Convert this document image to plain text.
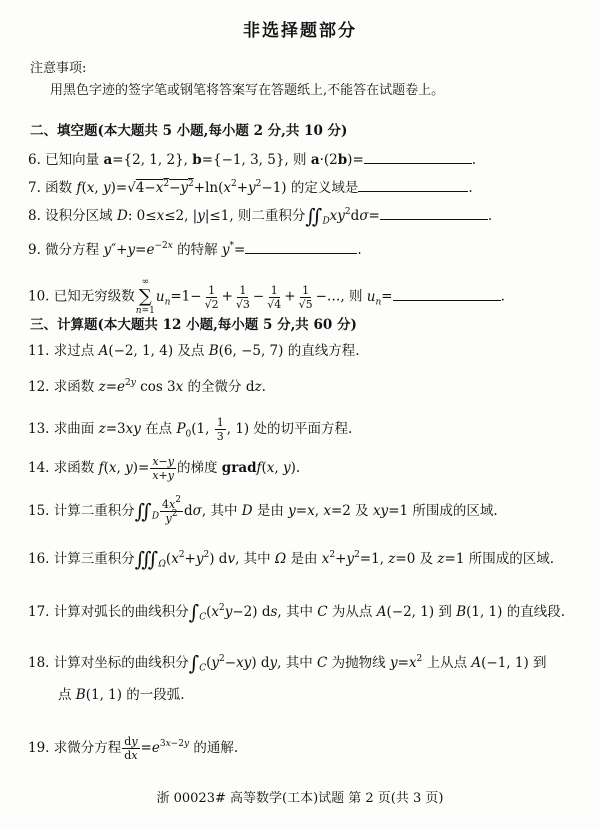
非选择题部分
注意事项:
用黑色字迹的签字笔或钢笔将答案写在答题纸上,不能答在试题卷上。
二、填空题(本大题共 5 小题,每小题 2 分,共 10 分)
6. 已知向量 a={2, 1, 2}, b={−1, 3, 5}, 则 a·(2b)=	.
7. 函数 f(x, $y)=√4-x^2-y^2+\ln(x^2+y^2-1)$ 的定义域是	.
8. 设积分区域 D: 0≤x≤2, |y|≤1, 则二重积分$∬_Dxy^2d\sigma=$	.
9. 微分方程 $y''+y=e^{-2x}$ 的特解 y*=	.
10. 已知无穷级数
∞
∑
n=1
$u_n=1- \frac{1}{√2} + \frac{1}{√3} - \frac{1}{√4} + \frac{1}{√5}$ −…, 则 $u_n=$	.
三、计算题(本大题共 12 小题,每小题 5 分,共 60 分)
11. 求过点 A(−2, 1, 4) 及点 B(6, −5, 7) 的直线方程.
12. 求函数 $z=e^{2y}$ cos 3x 的全微分 dz.
13. 求曲面 z=3xy 在点 $P_0(1$, $\frac{1}{3}$ , 1) 处的切平面方程.
14. 求函数 f(x, $y)= \frac{x-y}{x+y}$ 的梯度 gradf(x, y).
15. 计算二重积分$∬_D \frac{4x^2}{y^2} d\sigma$, 其中 D 是由 y=x, x=2 及 xy=1 所围成的区域.
16. 计算三重积分$∭_\Omega(x^2+y^2)$ dv, 其中 Ω 是由 $x^2+y^2=1$, z=0 及 z=1 所围成的区域.
17. 计算对弧长的曲线积分$\int_C(x^2y-2)$ ds, 其中 C 为从点 A(−2, 1) 到 B(1, 1) 的直线段.
18. 计算对坐标的曲线积分$\int_C(y^2-xy)$ dy, 其中 C 为抛物线 $y=x^2$ 上从点 A(−1, 1) 到
点 B(1, 1) 的一段弧.
19. 求微分方程 $\frac{dy}{dx} =e^{3x-2y}$ 的通解.
浙 00023# 高等数学(工本)试题 第 2 页(共 3 页)
